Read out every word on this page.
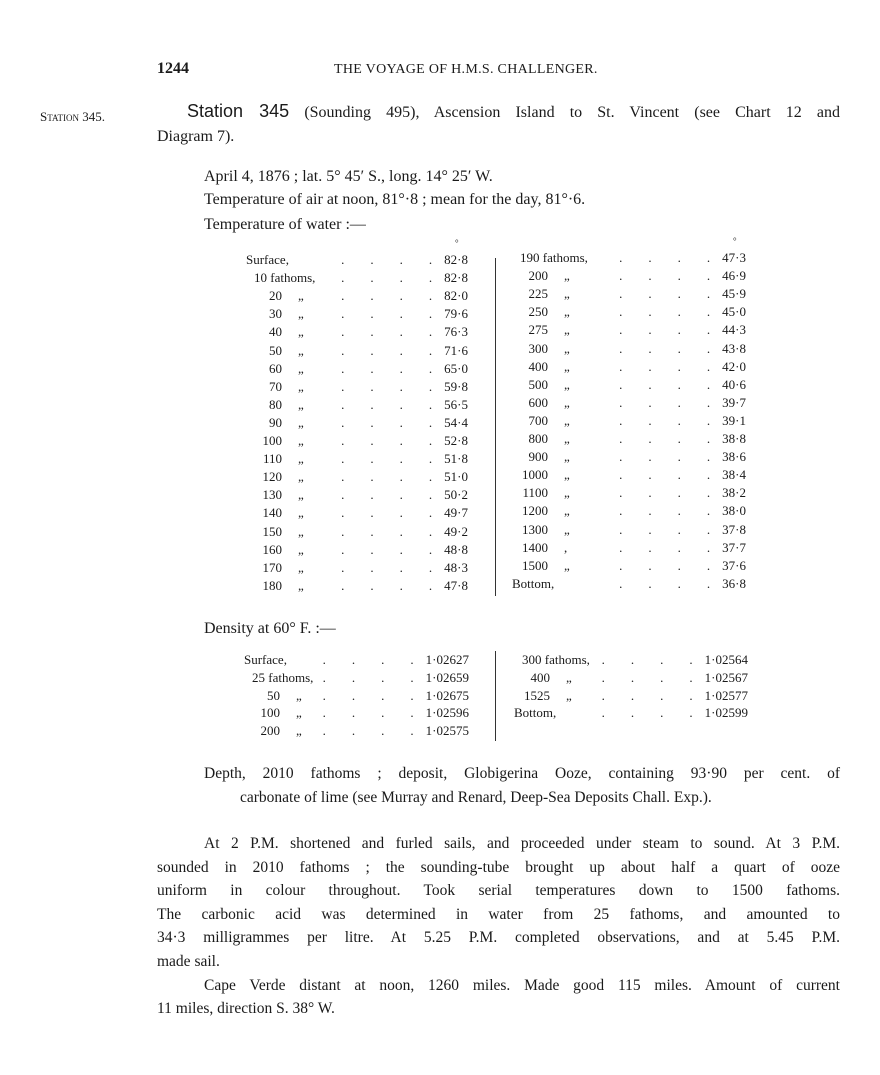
1244	THE VOYAGE OF H.M.S. CHALLENGER.
Station 345.	Station 345 (Sounding 495), Ascension Island to St. Vincent (see Chart 12 and
Diagram 7).
April 4, 1876 ; lat. 5° 45′ S., long. 14° 25′ W.
Temperature of air at noon, 81°·8 ; mean for the day, 81°·6.
Temperature of water :—
°	°
Surface,	.  .  .  . 82·8
10 fathoms,	.  .  .  . 82·8
20	„	.  .  .  . 82·0
30	„	.  .  .  . 79·6
40	„	.  .  .  . 76·3
50	„	.  .  .  . 71·6
60	„	.  .  .  . 65·0
70	„	.  .  .  . 59·8
80	„	.  .  .  . 56·5
90	„	.  .  .  . 54·4
100	„	.  .  .  . 52·8
110	„	.  .  .  . 51·8
120	„	.  .  .  . 51·0
130	„	.  .  .  . 50·2
140	„	.  .  .  . 49·7
150	„	.  .  .  . 49·2
160	„	.  .  .  . 48·8
170	„	.  .  .  . 48·3
180	„	.  .  .  . 47·8
190 fathoms,	.  .  .  . 47·3
200	„	.  .  .  . 46·9
225	„	.  .  .  . 45·9
250	„	.  .  .  . 45·0
275	„	.  .  .  . 44·3
300	„	.  .  .  . 43·8
400	„	.  .  .  . 42·0
500	„	.  .  .  . 40·6
600	„	.  .  .  . 39·7
700	„	.  .  .  . 39·1
800	„	.  .  .  . 38·8
900	„	.  .  .  . 38·6
1000	„	.  .  .  . 38·4
1100	„	.  .  .  . 38·2
1200	„	.  .  .  . 38·0
1300	„	.  .  .  . 37·8
1400	,	.  .  .  . 37·7
1500	„	.  .  .  . 37·6
Bottom,	.  .  .  . 36·8
Density at 60° F. :—
Surface,	.  .  .  . 1·02627
25 fathoms, .  .  .  . 1·02659
50	„	.  .  .  . 1·02675
100	„	.  .  .  . 1·02596
200	„	.  .  .  . 1·02575
300 fathoms, .  .  .  . 1·02564
400	„	.  .  .  . 1·02567
1525	„	.  .  .  . 1·02577
Bottom,	.  .  .  . 1·02599
Depth, 2010 fathoms ; deposit, Globigerina Ooze, containing 93·90 per cent. of
carbonate of lime (see Murray and Renard, Deep-Sea Deposits Chall. Exp.).
At 2 P.M. shortened and furled sails, and proceeded under steam to sound. At 3 P.M.
sounded in 2010 fathoms ; the sounding-tube brought up about half a quart of ooze
uniform in colour throughout. Took serial temperatures down to 1500 fathoms.
The carbonic acid was determined in water from 25 fathoms, and amounted to
34·3 milligrammes per litre. At 5.25 P.M. completed observations, and at 5.45 P.M.
made sail.
Cape Verde distant at noon, 1260 miles. Made good 115 miles. Amount of current
11 miles, direction S. 38° W.
